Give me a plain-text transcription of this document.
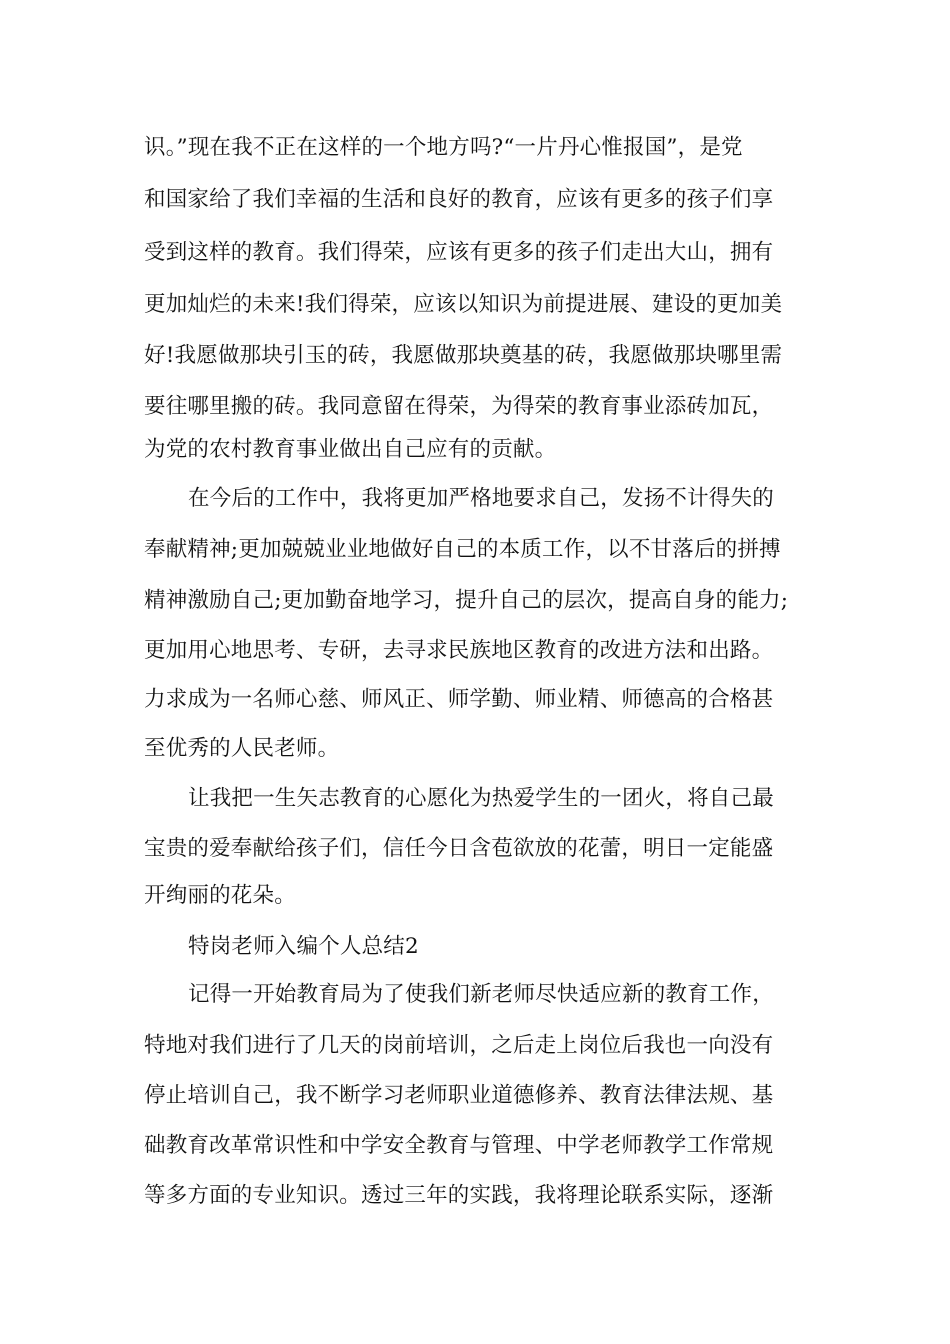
识。”现在我不正在这样的一个地方吗?“一片丹心惟报国”，是党
和国家给了我们幸福的生活和良好的教育，应该有更多的孩子们享
受到这样的教育。我们得荣，应该有更多的孩子们走出大山，拥有
更加灿烂的未来!我们得荣，应该以知识为前提进展、建设的更加美
好!我愿做那块引玉的砖，我愿做那块奠基的砖，我愿做那块哪里需
要往哪里搬的砖。我同意留在得荣，为得荣的教育事业添砖加瓦，
为党的农村教育事业做出自己应有的贡献。
在今后的工作中，我将更加严格地要求自己，发扬不计得失的
奉献精神;更加兢兢业业地做好自己的本质工作，以不甘落后的拼搏
精神激励自己;更加勤奋地学习，提升自己的层次，提高自身的能力;
更加用心地思考、专研，去寻求民族地区教育的改进方法和出路。
力求成为一名师心慈、师风正、师学勤、师业精、师德高的合格甚
至优秀的人民老师。
让我把一生矢志教育的心愿化为热爱学生的一团火，将自己最
宝贵的爱奉献给孩子们，信任今日含苞欲放的花蕾，明日一定能盛
开绚丽的花朵。
特岗老师入编个人总结2
记得一开始教育局为了使我们新老师尽快适应新的教育工作，
特地对我们进行了几天的岗前培训，之后走上岗位后我也一向没有
停止培训自己，我不断学习老师职业道德修养、教育法律法规、基
础教育改革常识性和中学安全教育与管理、中学老师教学工作常规
等多方面的专业知识。透过三年的实践，我将理论联系实际，逐渐
